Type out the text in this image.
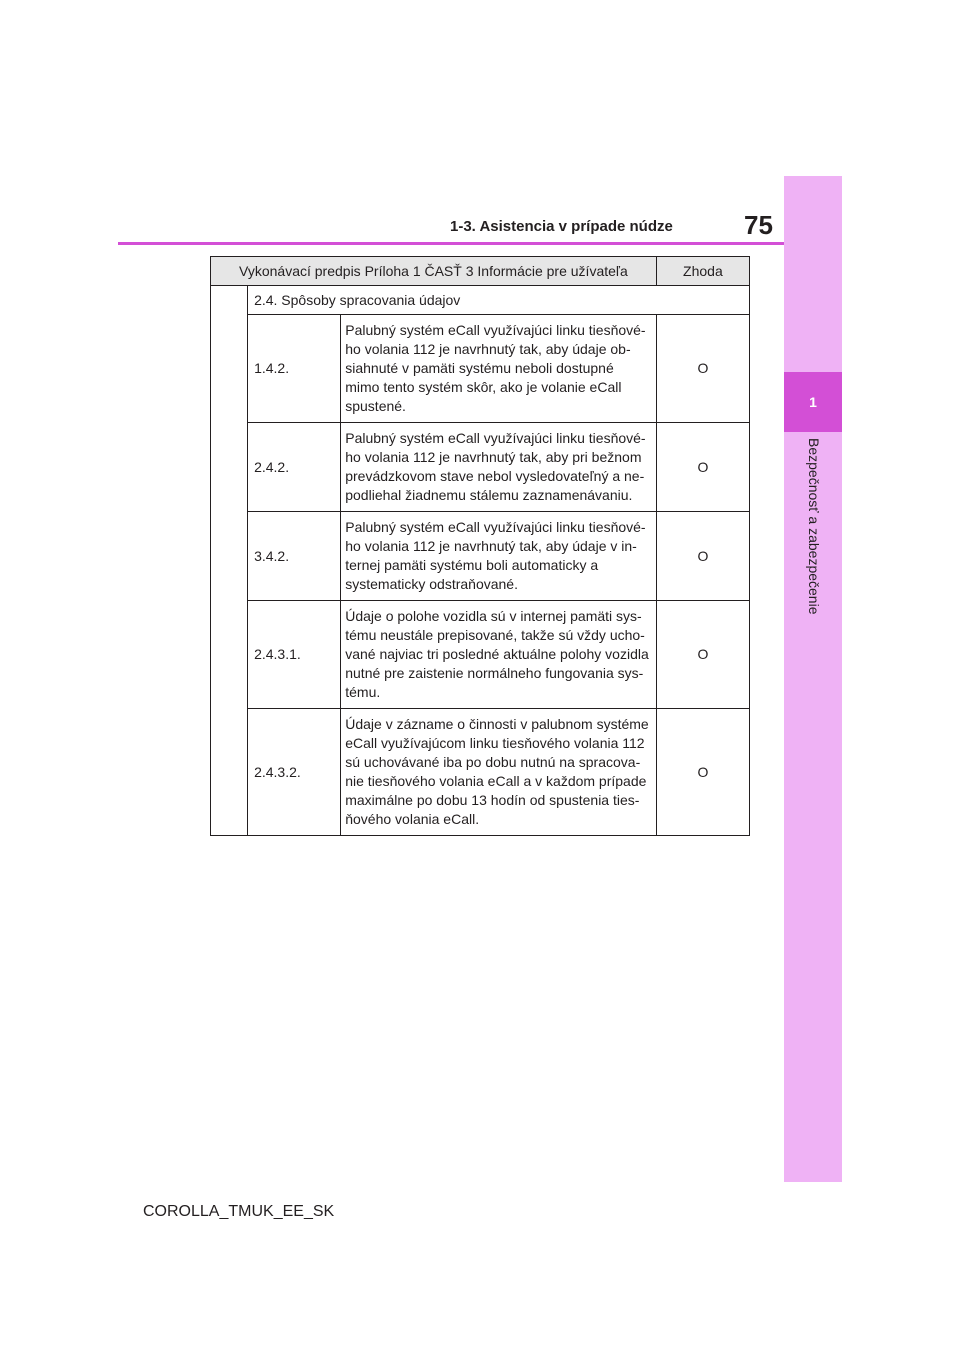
1
Bezpečnosť a zabezpečenie
1-3. Asistencia v prípade núdze	75
Vykonávací predpis Príloha 1 ČASŤ 3 Informácie pre užívateľa			Zhoda
	2.4. Spôsoby spracovania údajov		
	1.4.2.	Palubný systém eCall využívajúci linku tiesňové-ho volania 112 je navrhnutý tak, aby údaje ob-siahnuté v pamäti systému neboli dostupné mimo tento systém skôr, ako je volanie eCall spustené.	O
	2.4.2.	Palubný systém eCall využívajúci linku tiesňové-ho volania 112 je navrhnutý tak, aby pri bežnom prevádzkovom stave nebol vysledovateľný a ne-podliehal žiadnemu stálemu zaznamenávaniu.	O
	3.4.2.	Palubný systém eCall využívajúci linku tiesňové-ho volania 112 je navrhnutý tak, aby údaje v in-ternej pamäti systému boli automaticky a systematicky odstraňované.	O
	2.4.3.1.	Údaje o polohe vozidla sú v internej pamäti sys-tému neustále prepisované, takže sú vždy ucho-vané najviac tri posledné aktuálne polohy vozidla nutné pre zaistenie normálneho fungovania sys-tému.	O
	2.4.3.2.	Údaje v zázname o činnosti v palubnom systéme eCall využívajúcom linku tiesňového volania 112 sú uchovávané iba po dobu nutnú na spracova-nie tiesňového volania eCall a v každom prípade maximálne po dobu 13 hodín od spustenia ties-ňového volania eCall.	O
COROLLA_TMUK_EE_SK
